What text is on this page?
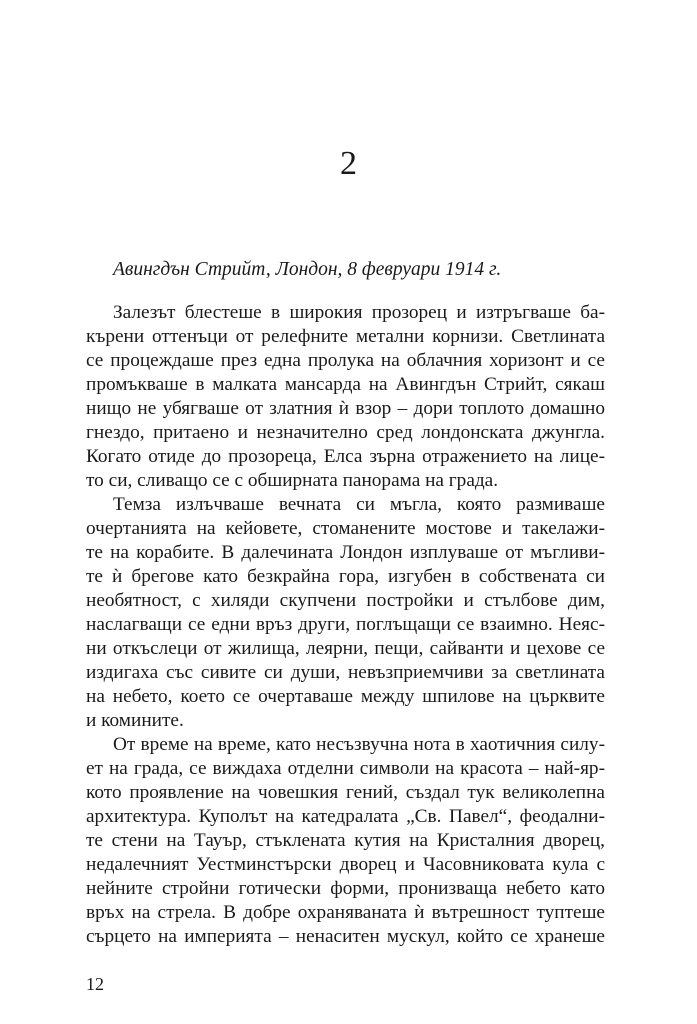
2
Авингдън Стрийт, Лондон, 8 февруари 1914 г.
Залезът блестеше в широкия прозорец и изтръгваше ба-
кърени оттенъци от релефните метални корнизи. Светлината
се процеждаше през една пролука на облачния хоризонт и се
промъкваше в малката мансарда на Авингдън Стрийт, сякаш
нищо не убягваше от златния ѝ взор – дори топлото домашно
гнездо, притаено и незначително сред лондонската джунгла.
Когато отиде до прозореца, Елса зърна отражението на лице-
то си, сливащо се с обширната панорама на града.
Темза излъчваше вечната си мъгла, която размиваше
очертанията на кейовете, стоманените мостове и такелажи-
те на корабите. В далечината Лондон изплуваше от мъгливи-
те ѝ брегове като безкрайна гора, изгубен в собствената си
необятност, с хиляди скупчени постройки и стълбове дим,
наслагващи се едни връз други, поглъщащи се взаимно. Неяс-
ни откъслеци от жилища, леярни, пещи, сайванти и цехове се
издигаха със сивите си души, невъзприемчиви за светлината
на небето, което се очертаваше между шпилове на църквите
и комините.
От време на време, като несъзвучна нота в хаотичния силу-
ет на града, се виждаха отделни символи на красота – най-яр-
кото проявление на човешкия гений, създал тук великолепна
архитектура. Куполът на катедралата „Св. Павел“, феодални-
те стени на Тауър, стъклената кутия на Кристалния дворец,
недалечният Уестминстърски дворец и Часовниковата кула с
нейните стройни готически форми, пронизваща небето като
връх на стрела. В добре охраняваната ѝ вътрешност туптеше
сърцето на империята – ненаситен мускул, който се хранеше
12
